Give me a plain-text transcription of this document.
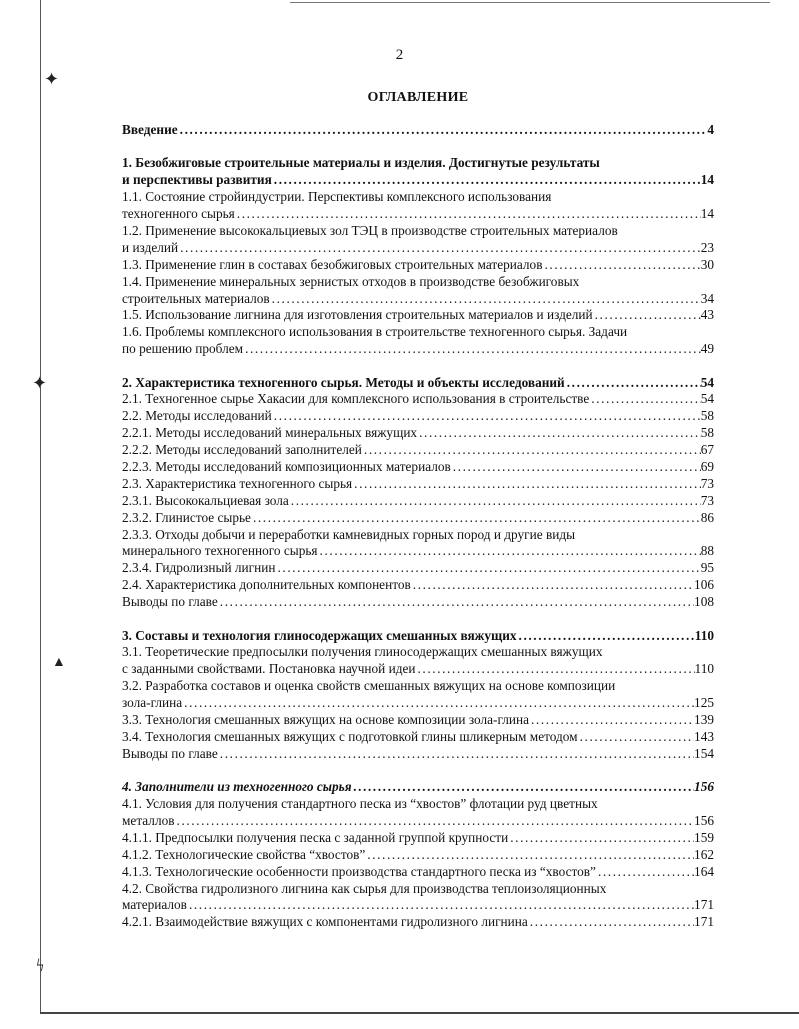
✦
✦
▲
ϟ
2
ОГЛАВЛЕНИЕ
Введение .....	4
1. Безобжиговые строительные материалы и изделия. Достигнутые результаты
и перспективы развития .....	14
1.1. Состояние стройиндустрии. Перспективы комплексного использования
техногенного сырья .....	14
1.2. Применение высококальциевых зол ТЭЦ в производстве строительных материалов
и изделий .....	23
1.3. Применение глин в составах безобжиговых строительных материалов .....	30
1.4. Применение минеральных зернистых отходов в производстве безобжиговых
строительных материалов .....	34
1.5. Использование лигнина для изготовления строительных материалов и изделий .....	43
1.6. Проблемы комплексного использования в строительстве техногенного сырья. Задачи
по решению проблем .....	49
2. Характеристика техногенного сырья. Методы и объекты исследований .....	54
2.1. Техногенное сырье Хакасии для комплексного использования в строительстве .....	54
2.2. Методы исследований .....	58
2.2.1. Методы исследований минеральных вяжущих .....	58
2.2.2. Методы исследований заполнителей .....	67
2.2.3. Методы исследований композиционных материалов .....	69
2.3. Характеристика техногенного сырья .....	73
2.3.1. Высококальциевая зола .....	73
2.3.2. Глинистое сырье .....	86
2.3.3. Отходы добычи и переработки камневидных горных пород и другие виды
минерального техногенного сырья .....	88
2.3.4. Гидролизный лигнин .....	95
2.4. Характеристика дополнительных компонентов .....	106
Выводы по главе .....	108
3. Составы и технология глиносодержащих смешанных вяжущих .....	110
3.1. Теоретические предпосылки получения глиносодержащих смешанных вяжущих
с заданными свойствами. Постановка научной идеи .....	110
3.2. Разработка составов и оценка свойств смешанных вяжущих на основе композиции
зола-глина .....	125
3.3. Технология смешанных вяжущих на основе композиции зола-глина .....	139
3.4. Технология смешанных вяжущих с подготовкой глины шликерным методом .....	143
Выводы по главе .....	154
4. Заполнители из техногенного сырья .....	156
4.1. Условия для получения стандартного песка из “хвостов” флотации руд цветных
металлов .....	156
4.1.1. Предпосылки получения песка с заданной группой крупности .....	159
4.1.2. Технологические свойства “хвостов” .....	162
4.1.3. Технологические особенности производства стандартного песка из “хвостов” .....	164
4.2. Свойства гидролизного лигнина как сырья для производства теплоизоляционных
материалов .....	171
4.2.1. Взаимодействие вяжущих с компонентами гидролизного лигнина .....	171
